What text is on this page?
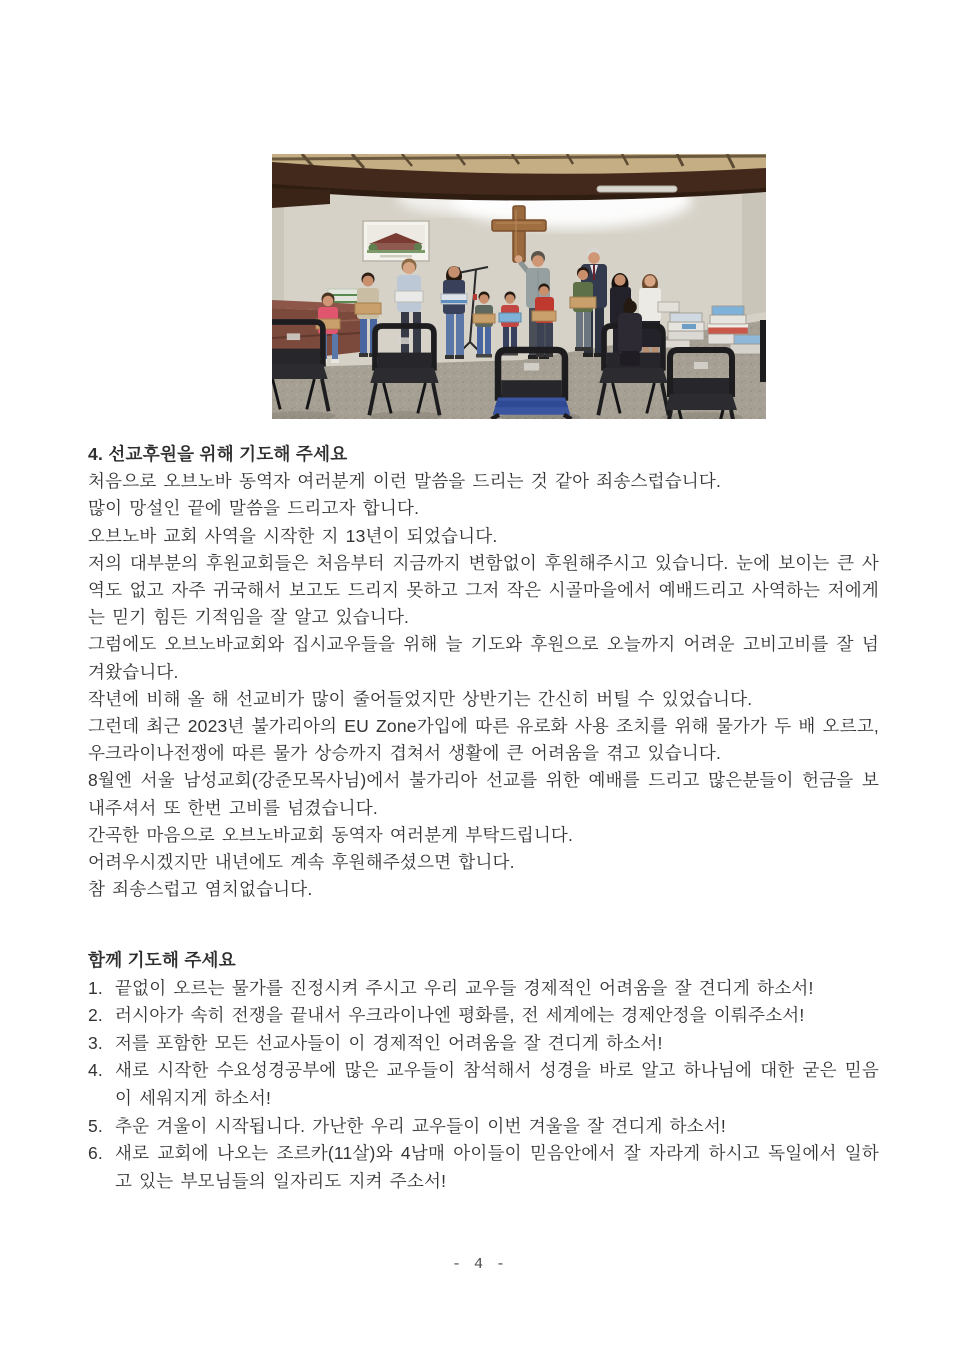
4. 선교후원을 위해 기도해 주세요

처음으로 오브노바 동역자 여러분게 이런 말씀을 드리는 것 같아 죄송스럽습니다.

많이 망설인 끝에 말씀을 드리고자 합니다.

오브노바 교회 사역을 시작한 지 13년이 되었습니다.

저의 대부분의 후원교회들은 처음부터 지금까지 변함없이 후원해주시고 있습니다. 눈에 보이는 큰 사역도 없고 자주 귀국해서 보고도 드리지 못하고 그저 작은 시골마을에서 예배드리고 사역하는 저에게는 믿기 힘든 기적임을 잘 알고 있습니다.

그럼에도 오브노바교회와 집시교우들을 위해 늘 기도와 후원으로 오늘까지 어려운 고비고비를 잘 넘겨왔습니다.

작년에 비해 올 해 선교비가 많이 줄어들었지만 상반기는 간신히 버틸 수 있었습니다.

그런데 최근 2023년 불가리아의 EU Zone가입에 따른 유로화 사용 조치를 위해 물가가 두 배 오르고, 우크라이나전쟁에 따른 물가 상승까지 겹쳐서 생활에 큰 어려움을 겪고 있습니다.

8월엔 서울 남성교회(강준모목사님)에서 불가리아 선교를 위한 예배를 드리고 많은분들이 헌금을 보내주셔서 또 한번 고비를 넘겼습니다.

간곡한 마음으로 오브노바교회 동역자 여러분게 부탁드립니다.

어려우시겠지만 내년에도 계속 후원해주셨으면 합니다.

참 죄송스럽고 염치없습니다.

함께 기도해 주세요
1. 끝없이 오르는 물가를 진정시켜 주시고 우리 교우들 경제적인 어려움을 잘 견디게 하소서!
2. 러시아가 속히 전쟁을 끝내서 우크라이나엔 평화를, 전 세계에는 경제안정을 이뤄주소서!
3. 저를 포함한 모든 선교사들이 이 경제적인 어려움을 잘 견디게 하소서!
4. 새로 시작한 수요성경공부에 많은 교우들이 참석해서 성경을 바로 알고 하나님에 대한 굳은 믿음이 세워지게 하소서!
5. 추운 겨울이 시작됩니다. 가난한 우리 교우들이 이번 겨울을 잘 견디게 하소서!
6. 새로 교회에 나오는 조르카(11살)와 4남매 아이들이 믿음안에서 잘 자라게 하시고 독일에서 일하고 있는 부모님들의 일자리도 지켜 주소서!
- 4 -
